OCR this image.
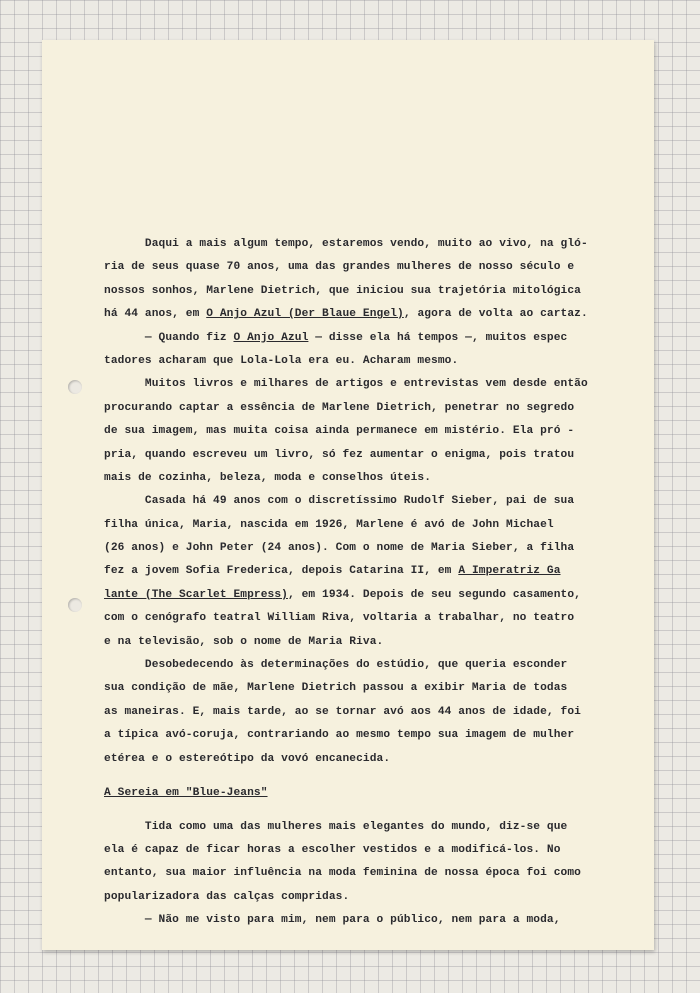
Daqui a mais algum tempo, estaremos vendo, muito ao vivo, na gló-
ria de seus quase 70 anos, uma das grandes mulheres de nosso século e
nossos sonhos, Marlene Dietrich, que iniciou sua trajetória mitológica
há 44 anos, em O Anjo Azul (Der Blaue Engel), agora de volta ao cartaz.
— Quando fiz O Anjo Azul — disse ela há tempos —, muitos espec
tadores acharam que Lola-Lola era eu. Acharam mesmo.
Muitos livros e milhares de artigos e entrevistas vem desde então
procurando captar a essência de Marlene Dietrich, penetrar no segredo
de sua imagem, mas muita coisa ainda permanece em mistério. Ela pró -
pria, quando escreveu um livro, só fez aumentar o enigma, pois tratou
mais de cozinha, beleza, moda e conselhos úteis.
Casada há 49 anos com o discretíssimo Rudolf Sieber, pai de sua
filha única, Maria, nascida em 1926, Marlene é avó de John Michael
(26 anos) e John Peter (24 anos). Com o nome de Maria Sieber, a filha
fez a jovem Sofia Frederica, depois Catarina II, em A Imperatriz Ga
lante (The Scarlet Empress), em 1934. Depois de seu segundo casamento,
com o cenógrafo teatral William Riva, voltaria a trabalhar, no teatro
e na televisão, sob o nome de Maria Riva.
Desobedecendo às determinações do estúdio, que queria esconder
sua condição de mãe, Marlene Dietrich passou a exibir Maria de todas
as maneiras. E, mais tarde, ao se tornar avó aos 44 anos de idade, foi
a típica avó-coruja, contrariando ao mesmo tempo sua imagem de mulher
etérea e o estereótipo da vovó encanecida.
A Sereia em "Blue-Jeans"
Tida como uma das mulheres mais elegantes do mundo, diz-se que
ela é capaz de ficar horas a escolher vestidos e a modificá-los. No
entanto, sua maior influência na moda feminina de nossa época foi como
popularizadora das calças compridas.
— Não me visto para mim, nem para o público, nem para a moda,
